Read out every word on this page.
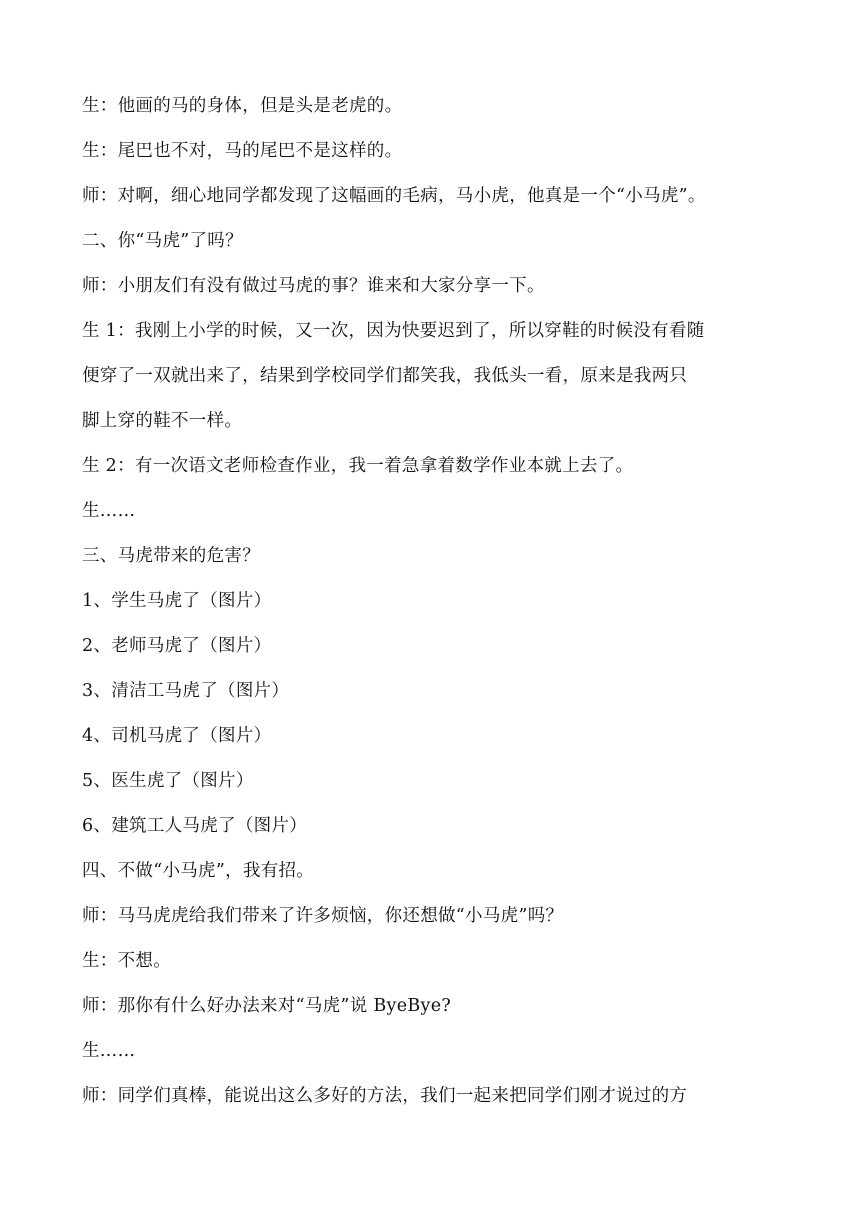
生：他画的马的身体，但是头是老虎的。
生：尾巴也不对，马的尾巴不是这样的。
师：对啊，细心地同学都发现了这幅画的毛病，马小虎，他真是一个“小马虎”。
二、你“马虎”了吗？
师：小朋友们有没有做过马虎的事？谁来和大家分享一下。
生 1：我刚上小学的时候，又一次，因为快要迟到了，所以穿鞋的时候没有看随
便穿了一双就出来了，结果到学校同学们都笑我，我低头一看，原来是我两只
脚上穿的鞋不一样。
生 2：有一次语文老师检查作业，我一着急拿着数学作业本就上去了。
生……
三、马虎带来的危害？
1、学生马虎了（图片）
2、老师马虎了（图片）
3、清洁工马虎了（图片）
4、司机马虎了（图片）
5、医生虎了（图片）
6、建筑工人马虎了（图片）
四、不做“小马虎”，我有招。
师：马马虎虎给我们带来了许多烦恼，你还想做“小马虎”吗？
生：不想。
师：那你有什么好办法来对“马虎”说 ByeBye?
生……
师：同学们真棒，能说出这么多好的方法，我们一起来把同学们刚才说过的方
